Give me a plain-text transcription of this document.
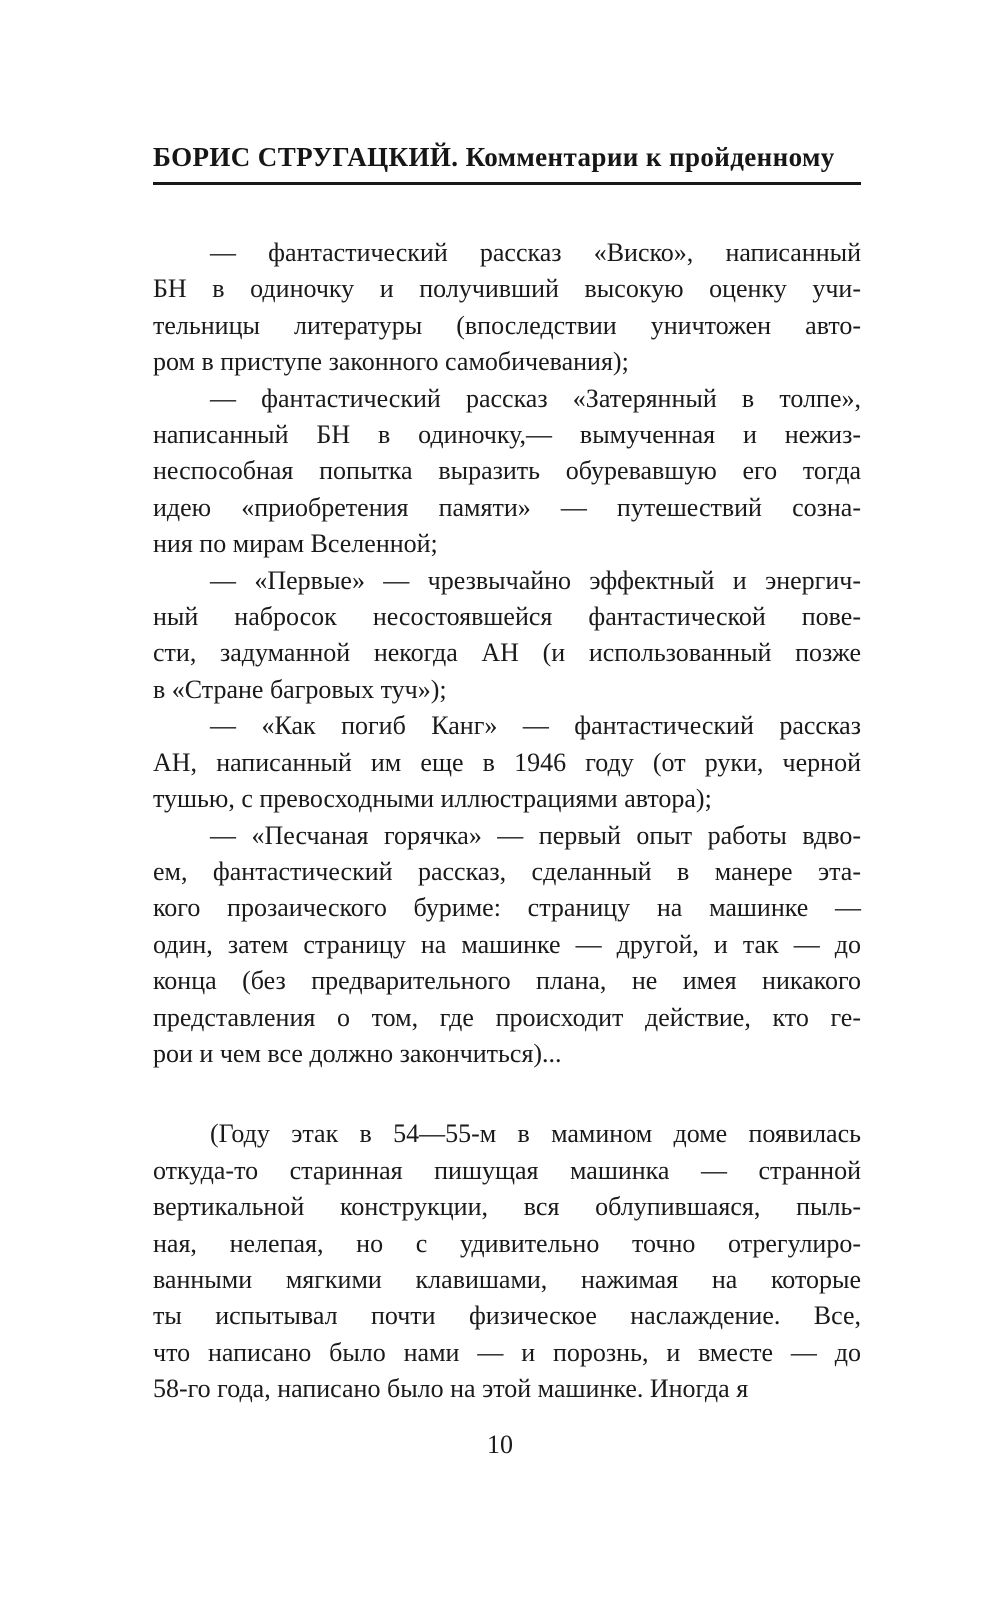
БОРИС СТРУГАЦКИЙ. Комментарии к пройденному
— фантастический рассказ «Виско», написанный
БН в одиночку и получивший высокую оценку учи-
тельницы литературы (впоследствии уничтожен авто-
ром в приступе законного самобичевания);
— фантастический рассказ «Затерянный в толпе»,
написанный БН в одиночку,— вымученная и нежиз-
неспособная попытка выразить обуревавшую его тогда
идею «приобретения памяти» — путешествий созна-
ния по мирам Вселенной;
— «Первые» — чрезвычайно эффектный и энергич-
ный набросок несостоявшейся фантастической пове-
сти, задуманной некогда АН (и использованный позже
в «Стране багровых туч»);
— «Как погиб Канг» — фантастический рассказ
АН, написанный им еще в 1946 году (от руки, черной
тушью, с превосходными иллюстрациями автора);
— «Песчаная горячка» — первый опыт работы вдво-
ем, фантастический рассказ, сделанный в манере эта-
кого прозаического буриме: страницу на машинке —
один, затем страницу на машинке — другой, и так — до
конца (без предварительного плана, не имея никакого
представления о том, где происходит действие, кто ге-
рои и чем все должно закончиться)...
(Году этак в 54—55-м в мамином доме появилась
откуда-то старинная пишущая машинка — странной
вертикальной конструкции, вся облупившаяся, пыль-
ная, нелепая, но с удивительно точно отрегулиро-
ванными мягкими клавишами, нажимая на которые
ты испытывал почти физическое наслаждение. Все,
что написано было нами — и порознь, и вместе — до
58-го года, написано было на этой машинке. Иногда я
10
